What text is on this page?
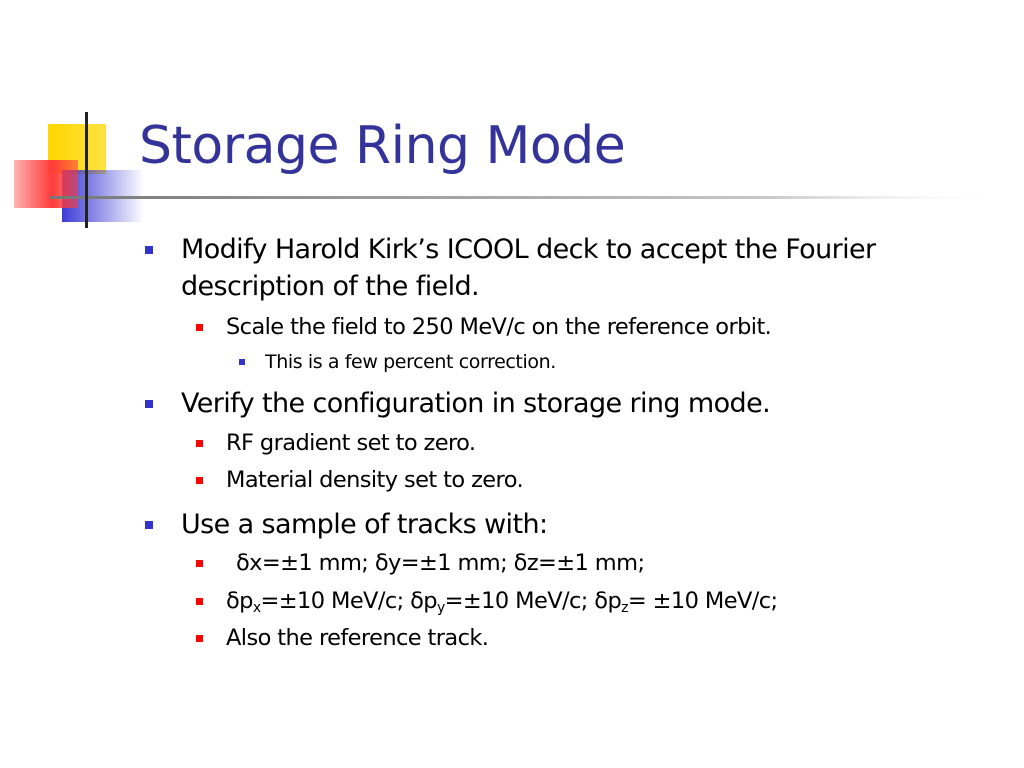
Storage Ring Mode
Modify Harold Kirk’s ICOOL deck to accept the Fourier description of the field.
Scale the field to 250 MeV/c on the reference orbit.
This is a few percent correction.
Verify the configuration in storage ring mode.
RF gradient set to zero.
Material density set to zero.
Use a sample of tracks with:
δx=±1 mm; δy=±1 mm; δz=±1 mm;
$\delta p_x=\pm 10$ MeV/c; $\delta p_y=\pm 10$ MeV/c; $\delta p_z= \pm 10$ MeV/c;
Also the reference track.
